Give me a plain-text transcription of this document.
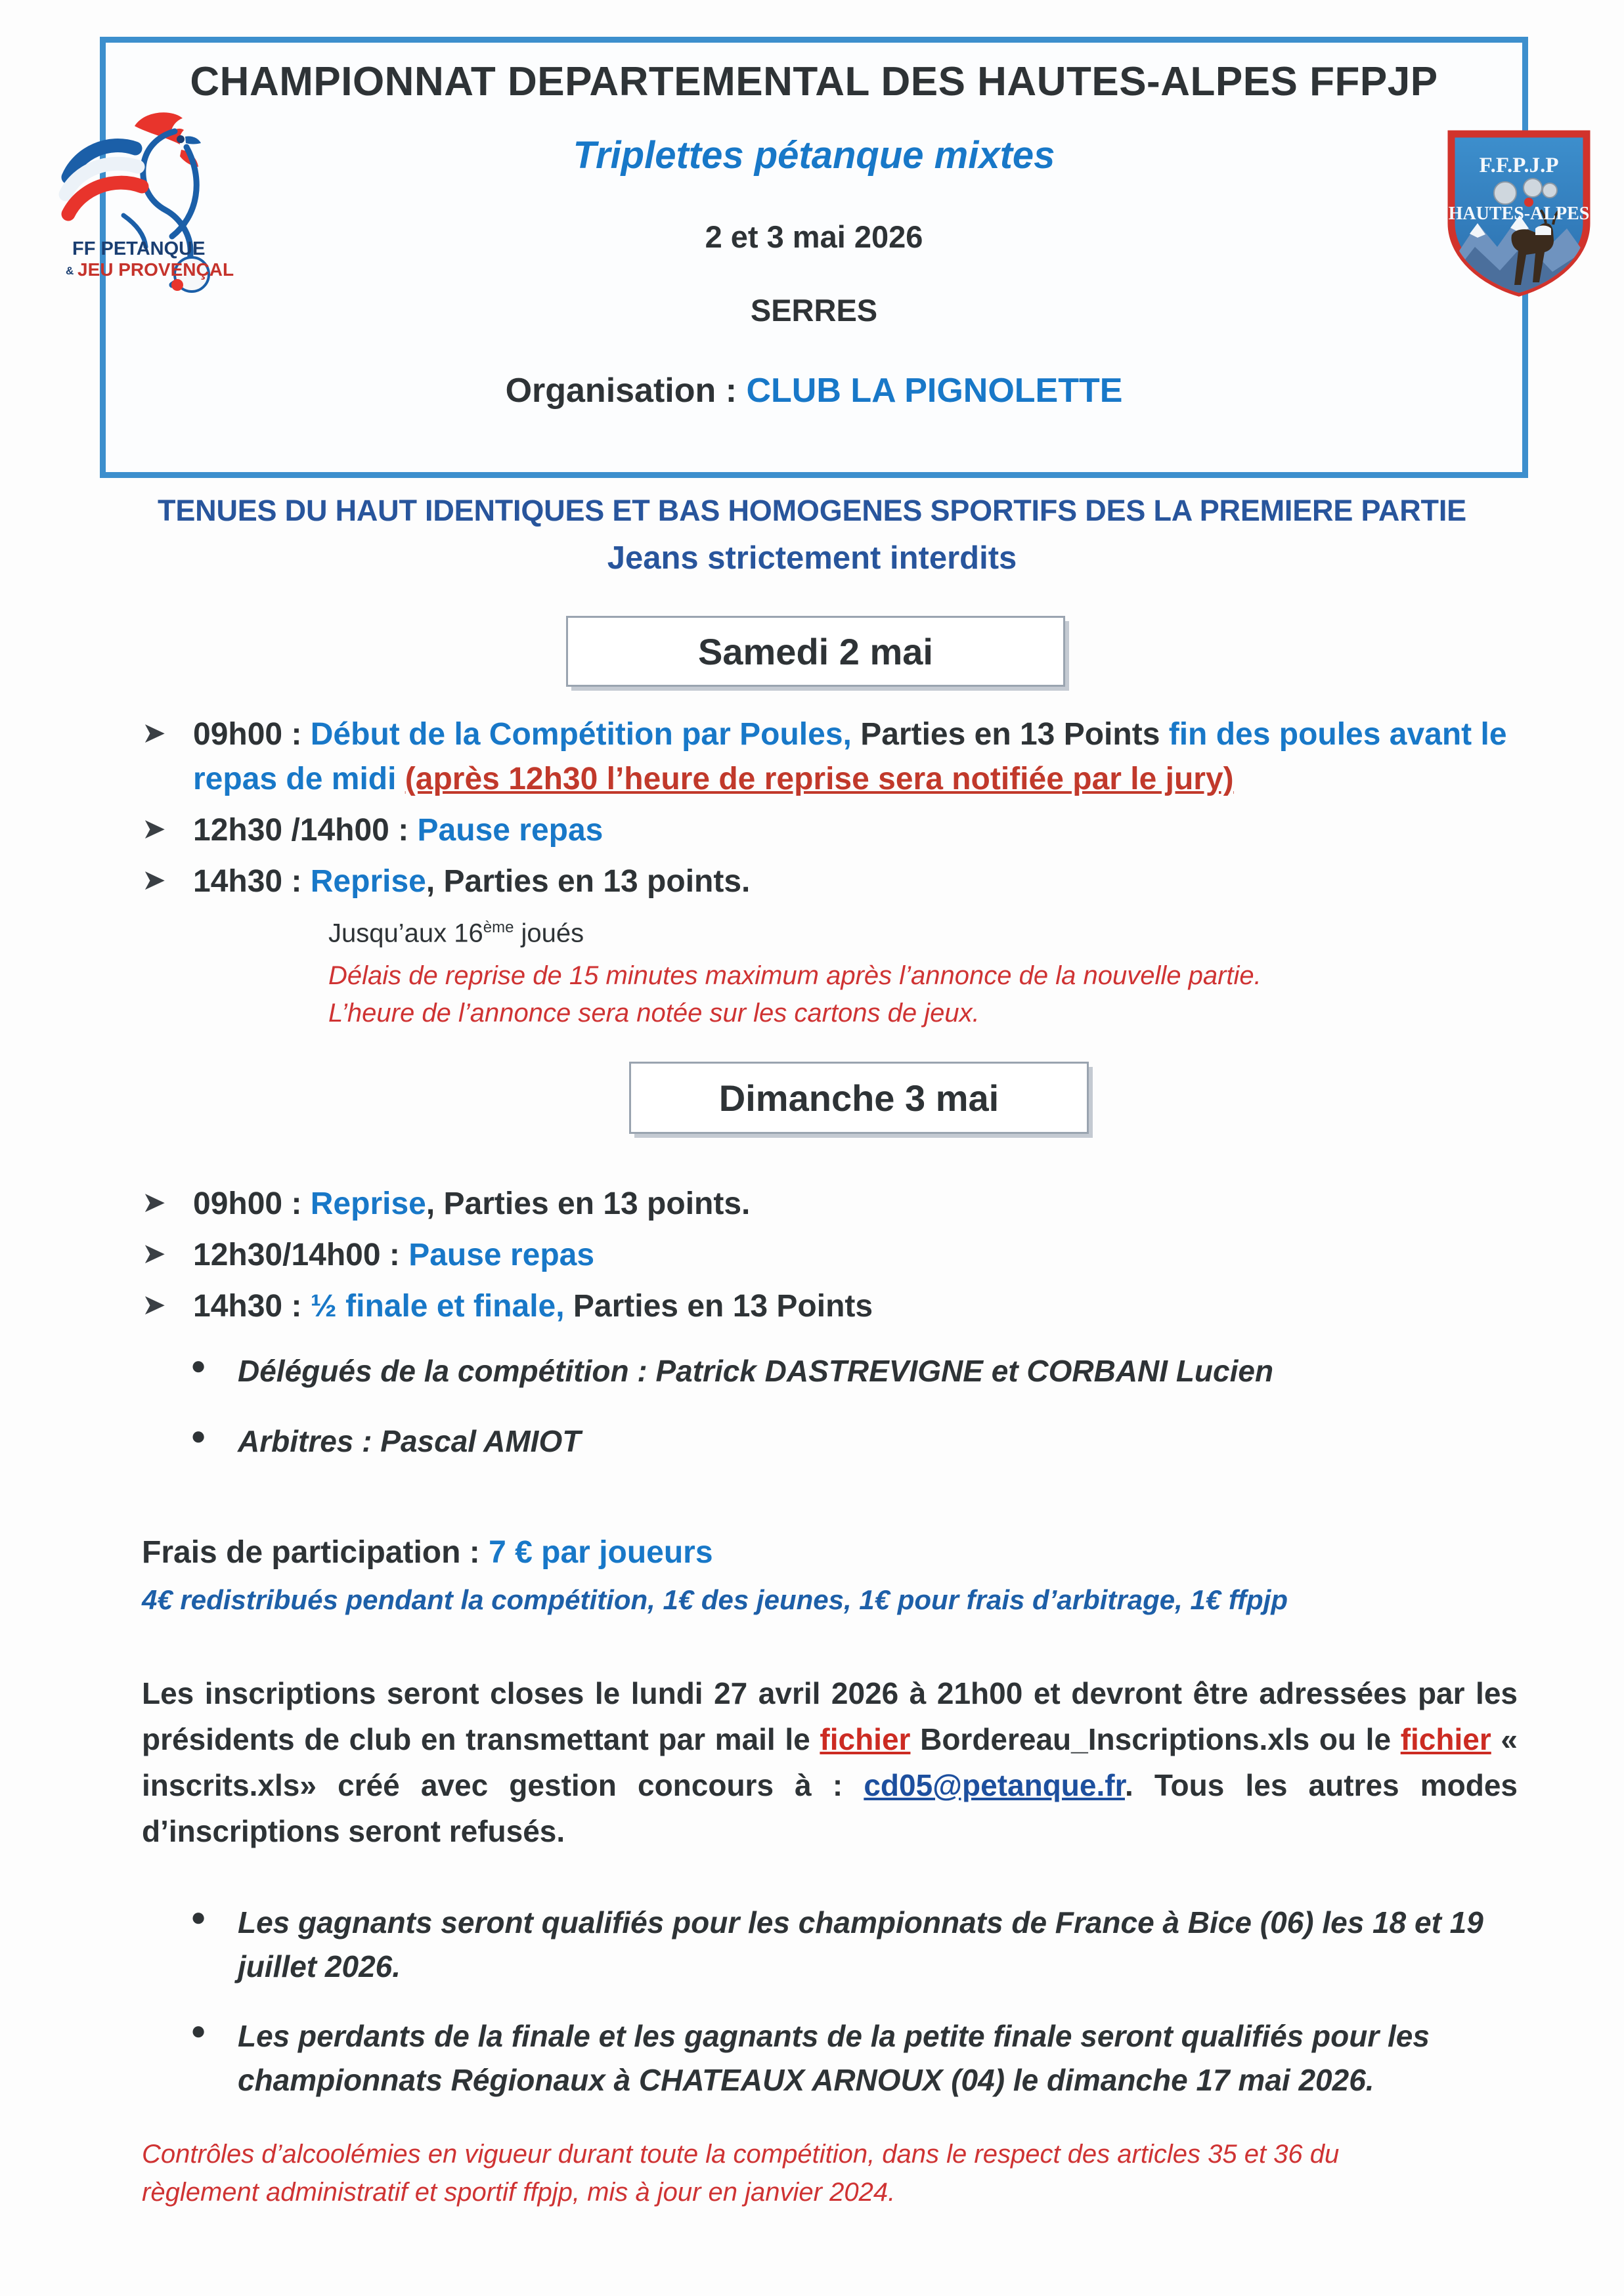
CHAMPIONNAT DEPARTEMENTAL DES HAUTES-ALPES FFPJP
Triplettes pétanque mixtes
2 et 3 mai 2026
SERRES
Organisation : CLUB LA PIGNOLETTE
FF PETANQUE
& JEU PROVENÇAL
F.F.P.J.P
HAUTES-ALPES
TENUES DU HAUT IDENTIQUES ET BAS HOMOGENES SPORTIFS DES LA PREMIERE PARTIE
Jeans strictement interdits
Samedi 2 mai
➤ 09h00 : Début de la Compétition par Poules, Parties en 13 Points fin des poules avant le repas de midi (après 12h30 l’heure de reprise sera notifiée par le jury)
➤ 12h30 /14h00 : Pause repas
➤ 14h30 : Reprise, Parties en 13 points.
Jusqu’aux 16ème joués
Délais de reprise de 15 minutes maximum après l’annonce de la nouvelle partie.
L’heure de l’annonce sera notée sur les cartons de jeux.
Dimanche 3 mai
➤ 09h00 : Reprise, Parties en 13 points.
➤ 12h30/14h00 : Pause repas
➤ 14h30 : ½ finale et finale, Parties en 13 Points
●	Délégués de la compétition : Patrick DASTREVIGNE et CORBANI Lucien
●	Arbitres : Pascal AMIOT
Frais de participation : 7 € par joueurs
4€ redistribués pendant la compétition, 1€ des jeunes, 1€ pour frais d’arbitrage, 1€ ffpjp
Les inscriptions seront closes le lundi 27 avril 2026 à 21h00 et devront être adressées par les présidents de club en transmettant par mail le fichier Bordereau_Inscriptions.xls ou le fichier « inscrits.xls» créé avec gestion concours à : cd05@petanque.fr. Tous les autres modes d’inscriptions seront refusés.
●	Les gagnants seront qualifiés pour les championnats de France à Bice (06) les 18 et 19 juillet 2026.
●	Les perdants de la finale et les gagnants de la petite finale seront qualifiés pour les championnats Régionaux à CHATEAUX ARNOUX (04) le dimanche 17 mai 2026.
Contrôles d’alcoolémies en vigueur durant toute la compétition, dans le respect des articles 35 et 36 du
règlement administratif et sportif ffpjp, mis à jour en janvier 2024.
